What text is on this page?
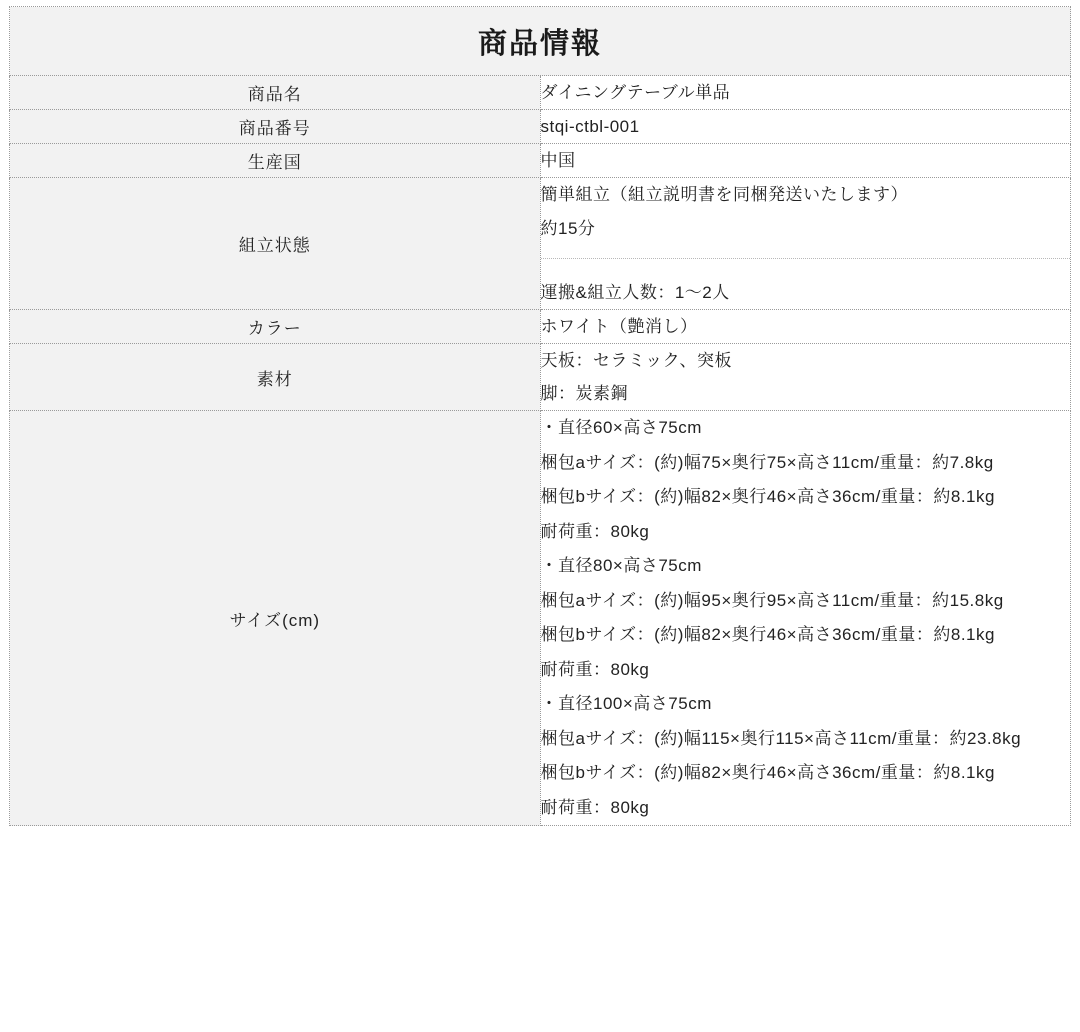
商品情報	
商品名	ダイニングテーブル単品

商品番号	stqi-ctbl-001

生産国	中国

組立状態	簡単組立（組立説明書を同梱発送いたします）
約15分
運搬&組立人数：1〜2人

カラー	ホワイト（艶消し）

素材	天板：セラミック、突板
脚：炭素鋼

サイズ(cm)	
・直径60×高さ75cm
梱包aサイズ：(約)幅75×奥行75×高さ11cm/重量：約7.8kg
梱包bサイズ：(約)幅82×奥行46×高さ36cm/重量：約8.1kg
耐荷重：80kg
・直径80×高さ75cm
梱包aサイズ：(約)幅95×奥行95×高さ11cm/重量：約15.8kg
梱包bサイズ：(約)幅82×奥行46×高さ36cm/重量：約8.1kg
耐荷重：80kg
・直径100×高さ75cm
梱包aサイズ：(約)幅115×奥行115×高さ11cm/重量：約23.8kg
梱包bサイズ：(約)幅82×奥行46×高さ36cm/重量：約8.1kg
耐荷重：80kg
